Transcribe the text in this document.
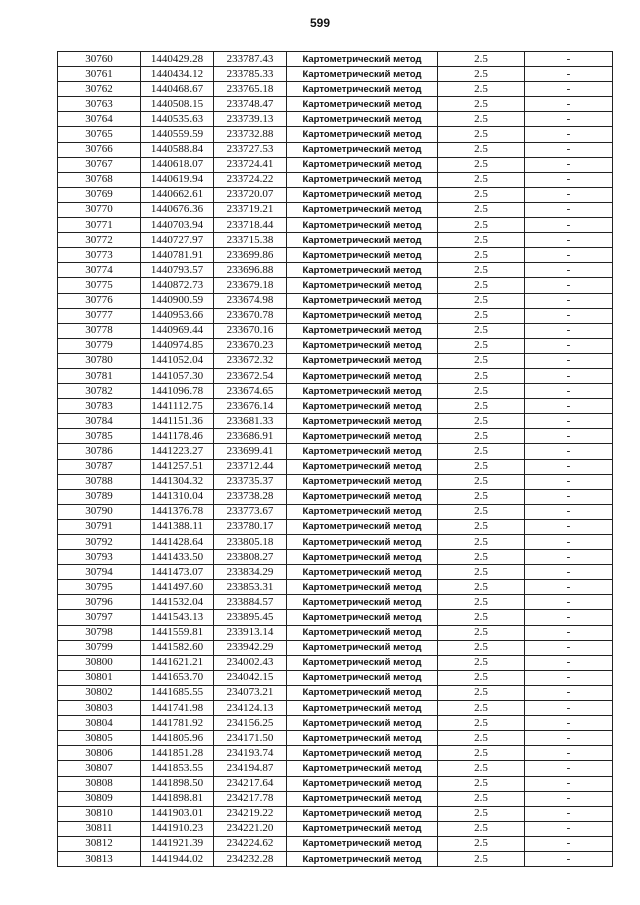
599
30760	1440429.28	233787.43	Картометрический метод	2.5	-
30761	1440434.12	233785.33	Картометрический метод	2.5	-
30762	1440468.67	233765.18	Картометрический метод	2.5	-
30763	1440508.15	233748.47	Картометрический метод	2.5	-
30764	1440535.63	233739.13	Картометрический метод	2.5	-
30765	1440559.59	233732.88	Картометрический метод	2.5	-
30766	1440588.84	233727.53	Картометрический метод	2.5	-
30767	1440618.07	233724.41	Картометрический метод	2.5	-
30768	1440619.94	233724.22	Картометрический метод	2.5	-
30769	1440662.61	233720.07	Картометрический метод	2.5	-
30770	1440676.36	233719.21	Картометрический метод	2.5	-
30771	1440703.94	233718.44	Картометрический метод	2.5	-
30772	1440727.97	233715.38	Картометрический метод	2.5	-
30773	1440781.91	233699.86	Картометрический метод	2.5	-
30774	1440793.57	233696.88	Картометрический метод	2.5	-
30775	1440872.73	233679.18	Картометрический метод	2.5	-
30776	1440900.59	233674.98	Картометрический метод	2.5	-
30777	1440953.66	233670.78	Картометрический метод	2.5	-
30778	1440969.44	233670.16	Картометрический метод	2.5	-
30779	1440974.85	233670.23	Картометрический метод	2.5	-
30780	1441052.04	233672.32	Картометрический метод	2.5	-
30781	1441057.30	233672.54	Картометрический метод	2.5	-
30782	1441096.78	233674.65	Картометрический метод	2.5	-
30783	1441112.75	233676.14	Картометрический метод	2.5	-
30784	1441151.36	233681.33	Картометрический метод	2.5	-
30785	1441178.46	233686.91	Картометрический метод	2.5	-
30786	1441223.27	233699.41	Картометрический метод	2.5	-
30787	1441257.51	233712.44	Картометрический метод	2.5	-
30788	1441304.32	233735.37	Картометрический метод	2.5	-
30789	1441310.04	233738.28	Картометрический метод	2.5	-
30790	1441376.78	233773.67	Картометрический метод	2.5	-
30791	1441388.11	233780.17	Картометрический метод	2.5	-
30792	1441428.64	233805.18	Картометрический метод	2.5	-
30793	1441433.50	233808.27	Картометрический метод	2.5	-
30794	1441473.07	233834.29	Картометрический метод	2.5	-
30795	1441497.60	233853.31	Картометрический метод	2.5	-
30796	1441532.04	233884.57	Картометрический метод	2.5	-
30797	1441543.13	233895.45	Картометрический метод	2.5	-
30798	1441559.81	233913.14	Картометрический метод	2.5	-
30799	1441582.60	233942.29	Картометрический метод	2.5	-
30800	1441621.21	234002.43	Картометрический метод	2.5	-
30801	1441653.70	234042.15	Картометрический метод	2.5	-
30802	1441685.55	234073.21	Картометрический метод	2.5	-
30803	1441741.98	234124.13	Картометрический метод	2.5	-
30804	1441781.92	234156.25	Картометрический метод	2.5	-
30805	1441805.96	234171.50	Картометрический метод	2.5	-
30806	1441851.28	234193.74	Картометрический метод	2.5	-
30807	1441853.55	234194.87	Картометрический метод	2.5	-
30808	1441898.50	234217.64	Картометрический метод	2.5	-
30809	1441898.81	234217.78	Картометрический метод	2.5	-
30810	1441903.01	234219.22	Картометрический метод	2.5	-
30811	1441910.23	234221.20	Картометрический метод	2.5	-
30812	1441921.39	234224.62	Картометрический метод	2.5	-
30813	1441944.02	234232.28	Картометрический метод	2.5	-
